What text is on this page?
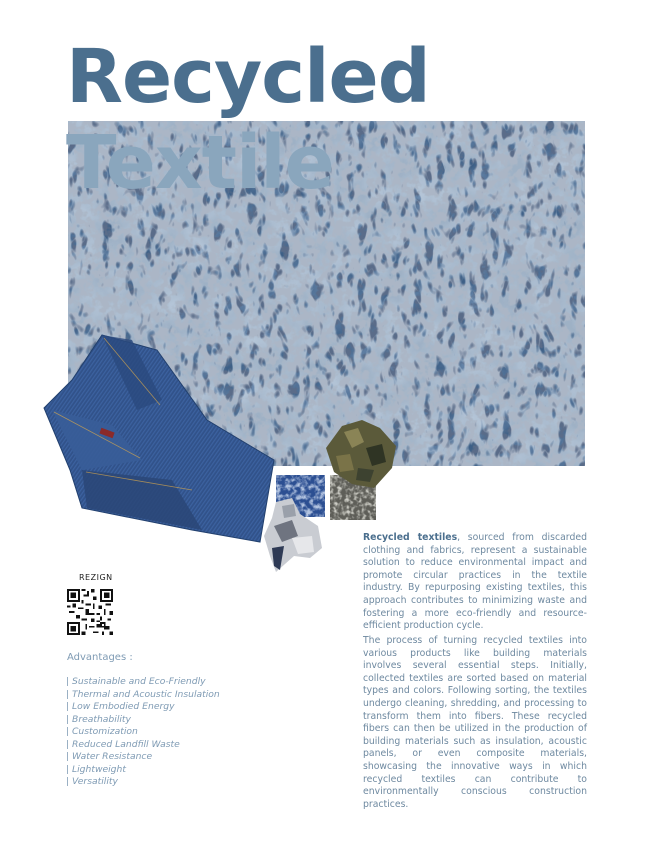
Recycled
Textile
REZIGN
Advantages :
| Sustainable and Eco-Friendly
| Thermal and Acoustic Insulation
| Low Embodied Energy
| Breathability
| Customization
| Reduced Landfill Waste
| Water Resistance
| Lightweight
| Versatility

Recycled textiles, sourced from discarded clothing and fabrics, represent a sustainable solution to reduce environmental impact and promote circular practices in the textile industry. By repurposing existing textiles, this approach contributes to minimizing waste and fostering a more eco-friendly and resource-efficient production cycle.

The process of turning recycled textiles into various products like building materials involves several essential steps. Initially, collected textiles are sorted based on material types and colors. Following sorting, the textiles undergo cleaning, shredding, and processing to transform them into fibers. These recycled fibers can then be utilized in the production of building materials such as insulation, acoustic panels, or even composite materials, showcasing the innovative ways in which recycled textiles can contribute to environmentally conscious construction practices.
